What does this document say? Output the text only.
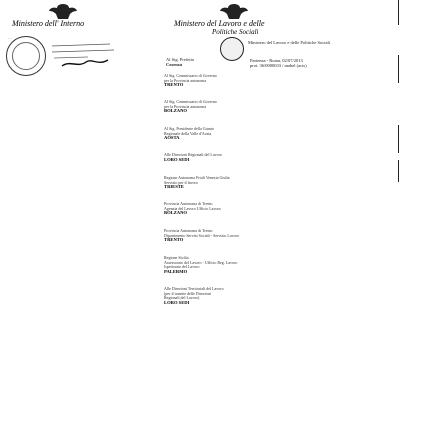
Ministero dell' Interno
…
…
Ministero del Lavoro e delle
Politiche Sociali
Ministero del Lavoro e delle Politiche Sociali
Al Sig. Prefetto
Cosenza
Partenza - Roma, 02/07/2013
prot. 36/0000033 / mabel (acts)
Al Sig. Commissario di Governo
per la Provincia autonoma
TRENTO
Al Sig. Commissario di Governo
per la Provincia autonoma
BOLZANO
Al Sig. Presidente della Giunta
Regionale della Valle d'Aosta
AOSTA
Alle Direzioni Regionali del Lavoro
LORO SEDI
Regione Autonoma Friuli Venezia Giulia
Servizio per il lavoro
TRIESTE
Provincia Autonoma di Trento
Agenzia del Lavoro Ufficio Lavoro
BOLZANO
Provincia Autonoma di Trento
Dipartimento Servizi Sociali - Servizio Lavoro
TRENTO
Regione Sicilia
Assessorato del Lavoro - Ufficio Reg. Lavoro
Ispettorato del Lavoro
PALERMO
Alle Direzioni Territoriali del Lavoro
(per il tramite delle Direzioni
Regionali del Lavoro)
LORO SEDI
